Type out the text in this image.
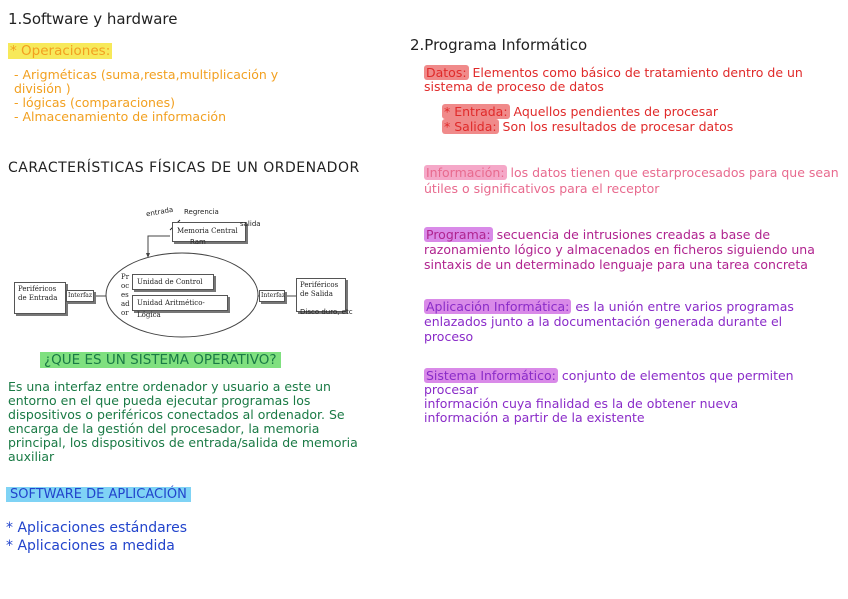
1.Software y hardware
* Operaciones:
- Arigméticas (suma,resta,multiplicación y
división )
- lógicas (comparaciones)
- Almacenamiento de información
CARACTERÍSTICAS FÍSICAS DE UN ORDENADOR
Periféricos de Entrada	Interfaz
Memoria Central
Pr
oc
es
ad
or
Unidad de Control
Unidad Aritmético-Lógica
Interfaz
Periféricos de Salida
entrada Regrencia
salida
Ram
Disco duro, etc
¿QUE ES UN SISTEMA OPERATIVO?
Es una interfaz entre ordenador y usuario a este un
entorno en el que pueda ejecutar programas los
dispositivos o periféricos conectados al ordenador. Se
encarga de la gestión del procesador, la memoria
principal, los dispositivos de entrada/salida de memoria
auxiliar
SOFTWARE DE APLICACIÓN
* Aplicaciones estándares
* Aplicaciones a medida
2.Programa Informático
Datos: Elementos como básico de tratamiento dentro de un
sistema de proceso de datos
* Entrada: Aquellos pendientes de procesar
* Salida: Son los resultados de procesar datos
Información: los datos tienen que estarprocesados para que sean
útiles o significativos para el receptor
Programa: secuencia de intrusiones creadas a base de
razonamiento lógico y almacenados en ficheros siguiendo una
sintaxis de un determinado lenguaje para una tarea concreta
Aplicación Informática: es la unión entre varios programas
enlazados junto a la documentación generada durante el
proceso
Sistema Informático: conjunto de elementos que permiten procesar
información cuya finalidad es la de obtener nueva
información a partir de la existente
